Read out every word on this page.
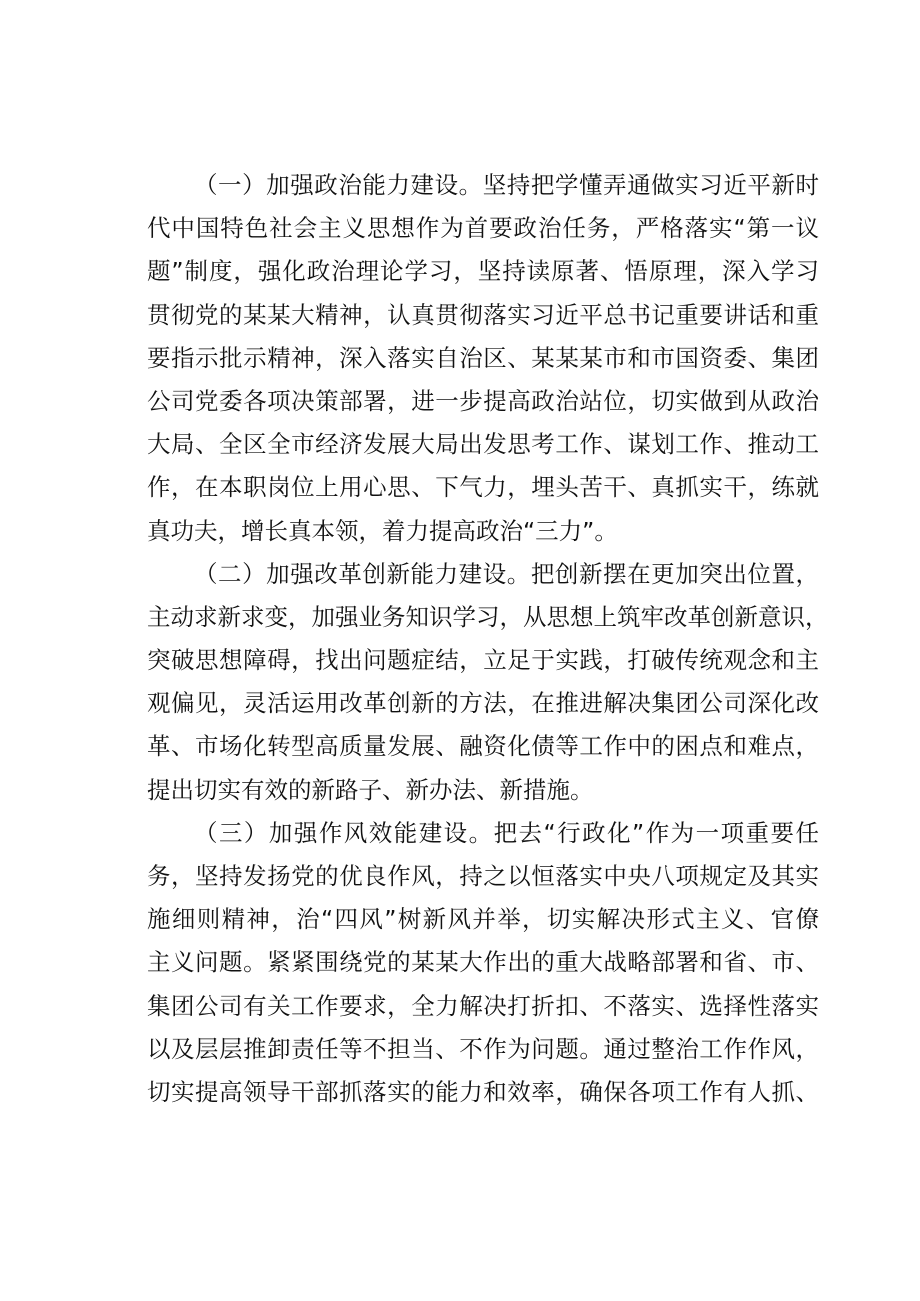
（一）加强政治能力建设。坚持把学懂弄通做实习近平新时
代中国特色社会主义思想作为首要政治任务，严格落实“第一议
题”制度，强化政治理论学习，坚持读原著、悟原理，深入学习
贯彻党的某某大精神，认真贯彻落实习近平总书记重要讲话和重
要指示批示精神，深入落实自治区、某某某市和市国资委、集团
公司党委各项决策部署，进一步提高政治站位，切实做到从政治
大局、全区全市经济发展大局出发思考工作、谋划工作、推动工
作，在本职岗位上用心思、下气力，埋头苦干、真抓实干，练就
真功夫，增长真本领，着力提高政治“三力”。
（二）加强改革创新能力建设。把创新摆在更加突出位置，
主动求新求变，加强业务知识学习，从思想上筑牢改革创新意识，
突破思想障碍，找出问题症结，立足于实践，打破传统观念和主
观偏见，灵活运用改革创新的方法，在推进解决集团公司深化改
革、市场化转型高质量发展、融资化债等工作中的困点和难点，
提出切实有效的新路子、新办法、新措施。
（三）加强作风效能建设。把去“行政化”作为一项重要任
务，坚持发扬党的优良作风，持之以恒落实中央八项规定及其实
施细则精神，治“四风”树新风并举，切实解决形式主义、官僚
主义问题。紧紧围绕党的某某大作出的重大战略部署和省、市、
集团公司有关工作要求，全力解决打折扣、不落实、选择性落实
以及层层推卸责任等不担当、不作为问题。通过整治工作作风，
切实提高领导干部抓落实的能力和效率，确保各项工作有人抓、
